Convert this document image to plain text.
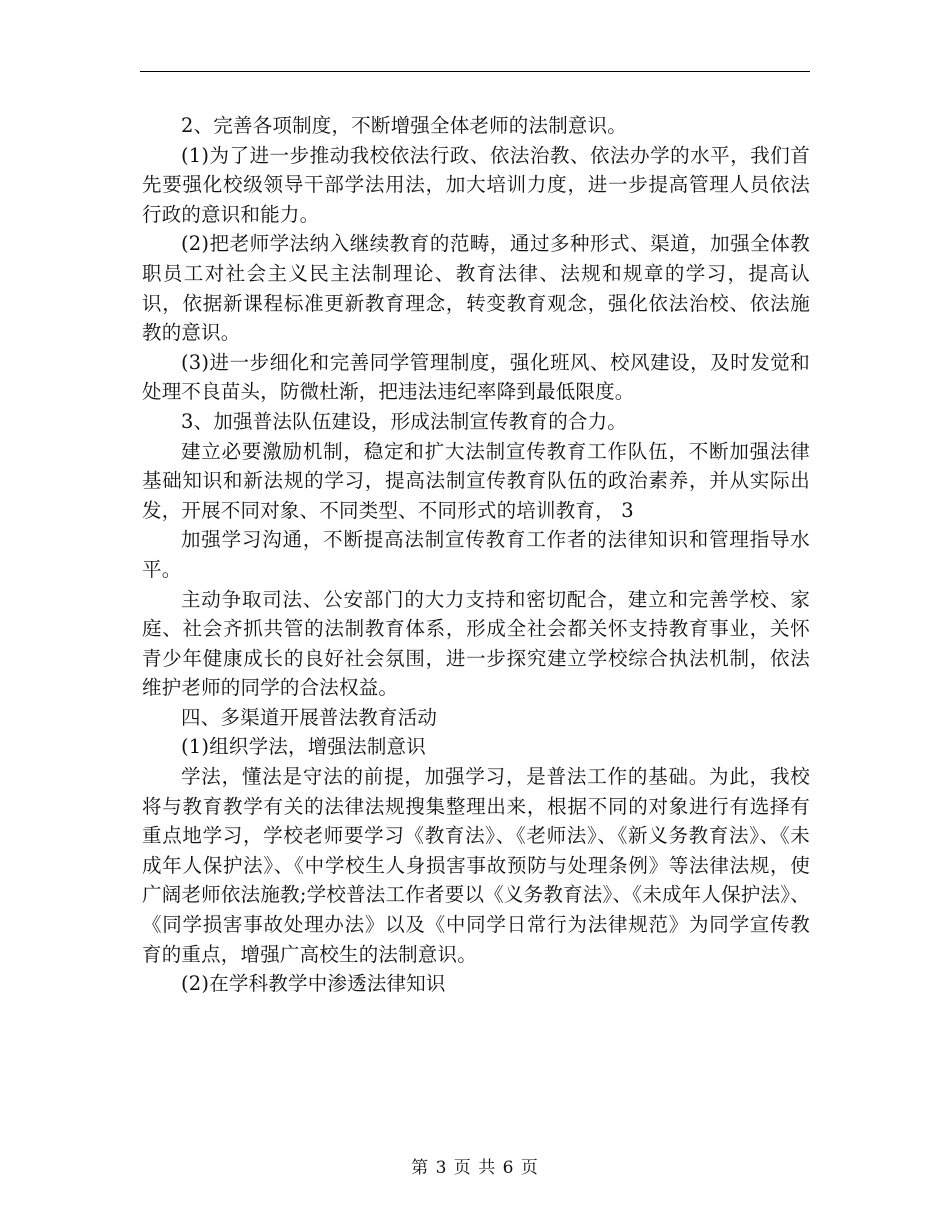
2、完善各项制度，不断增强全体老师的法制意识。

(1)为了进一步推动我校依法行政、依法治教、依法办学的水平，我们首先要强化校级领导干部学法用法，加大培训力度，进一步提高管理人员依法行政的意识和能力。

(2)把老师学法纳入继续教育的范畴，通过多种形式、渠道，加强全体教职员工对社会主义民主法制理论、教育法律、法规和规章的学习，提高认识，依据新课程标准更新教育理念，转变教育观念，强化依法治校、依法施教的意识。

(3)进一步细化和完善同学管理制度，强化班风、校风建设，及时发觉和处理不良苗头，防微杜渐，把违法违纪率降到最低限度。

3、加强普法队伍建设，形成法制宣传教育的合力。

建立必要激励机制，稳定和扩大法制宣传教育工作队伍，不断加强法律基础知识和新法规的学习，提高法制宣传教育队伍的政治素养，并从实际出发，开展不同对象、不同类型、不同形式的培训教育， 3

加强学习沟通，不断提高法制宣传教育工作者的法律知识和管理指导水平。

主动争取司法、公安部门的大力支持和密切配合，建立和完善学校、家庭、社会齐抓共管的法制教育体系，形成全社会都关怀支持教育事业，关怀青少年健康成长的良好社会氛围，进一步探究建立学校综合执法机制，依法维护老师的同学的合法权益。

四、多渠道开展普法教育活动

(1)组织学法，增强法制意识

学法，懂法是守法的前提，加强学习，是普法工作的基础。为此，我校将与教育教学有关的法律法规搜集整理出来，根据不同的对象进行有选择有重点地学习，学校老师要学习《教育法》、《老师法》、《新义务教育法》、《未成年人保护法》、《中学校生人身损害事故预防与处理条例》等法律法规，使广阔老师依法施教;学校普法工作者要以《义务教育法》、《未成年人保护法》、《同学损害事故处理办法》以及《中同学日常行为法律规范》为同学宣传教育的重点，增强广高校生的法制意识。

(2)在学科教学中渗透法律知识

第 3 页 共 6 页
